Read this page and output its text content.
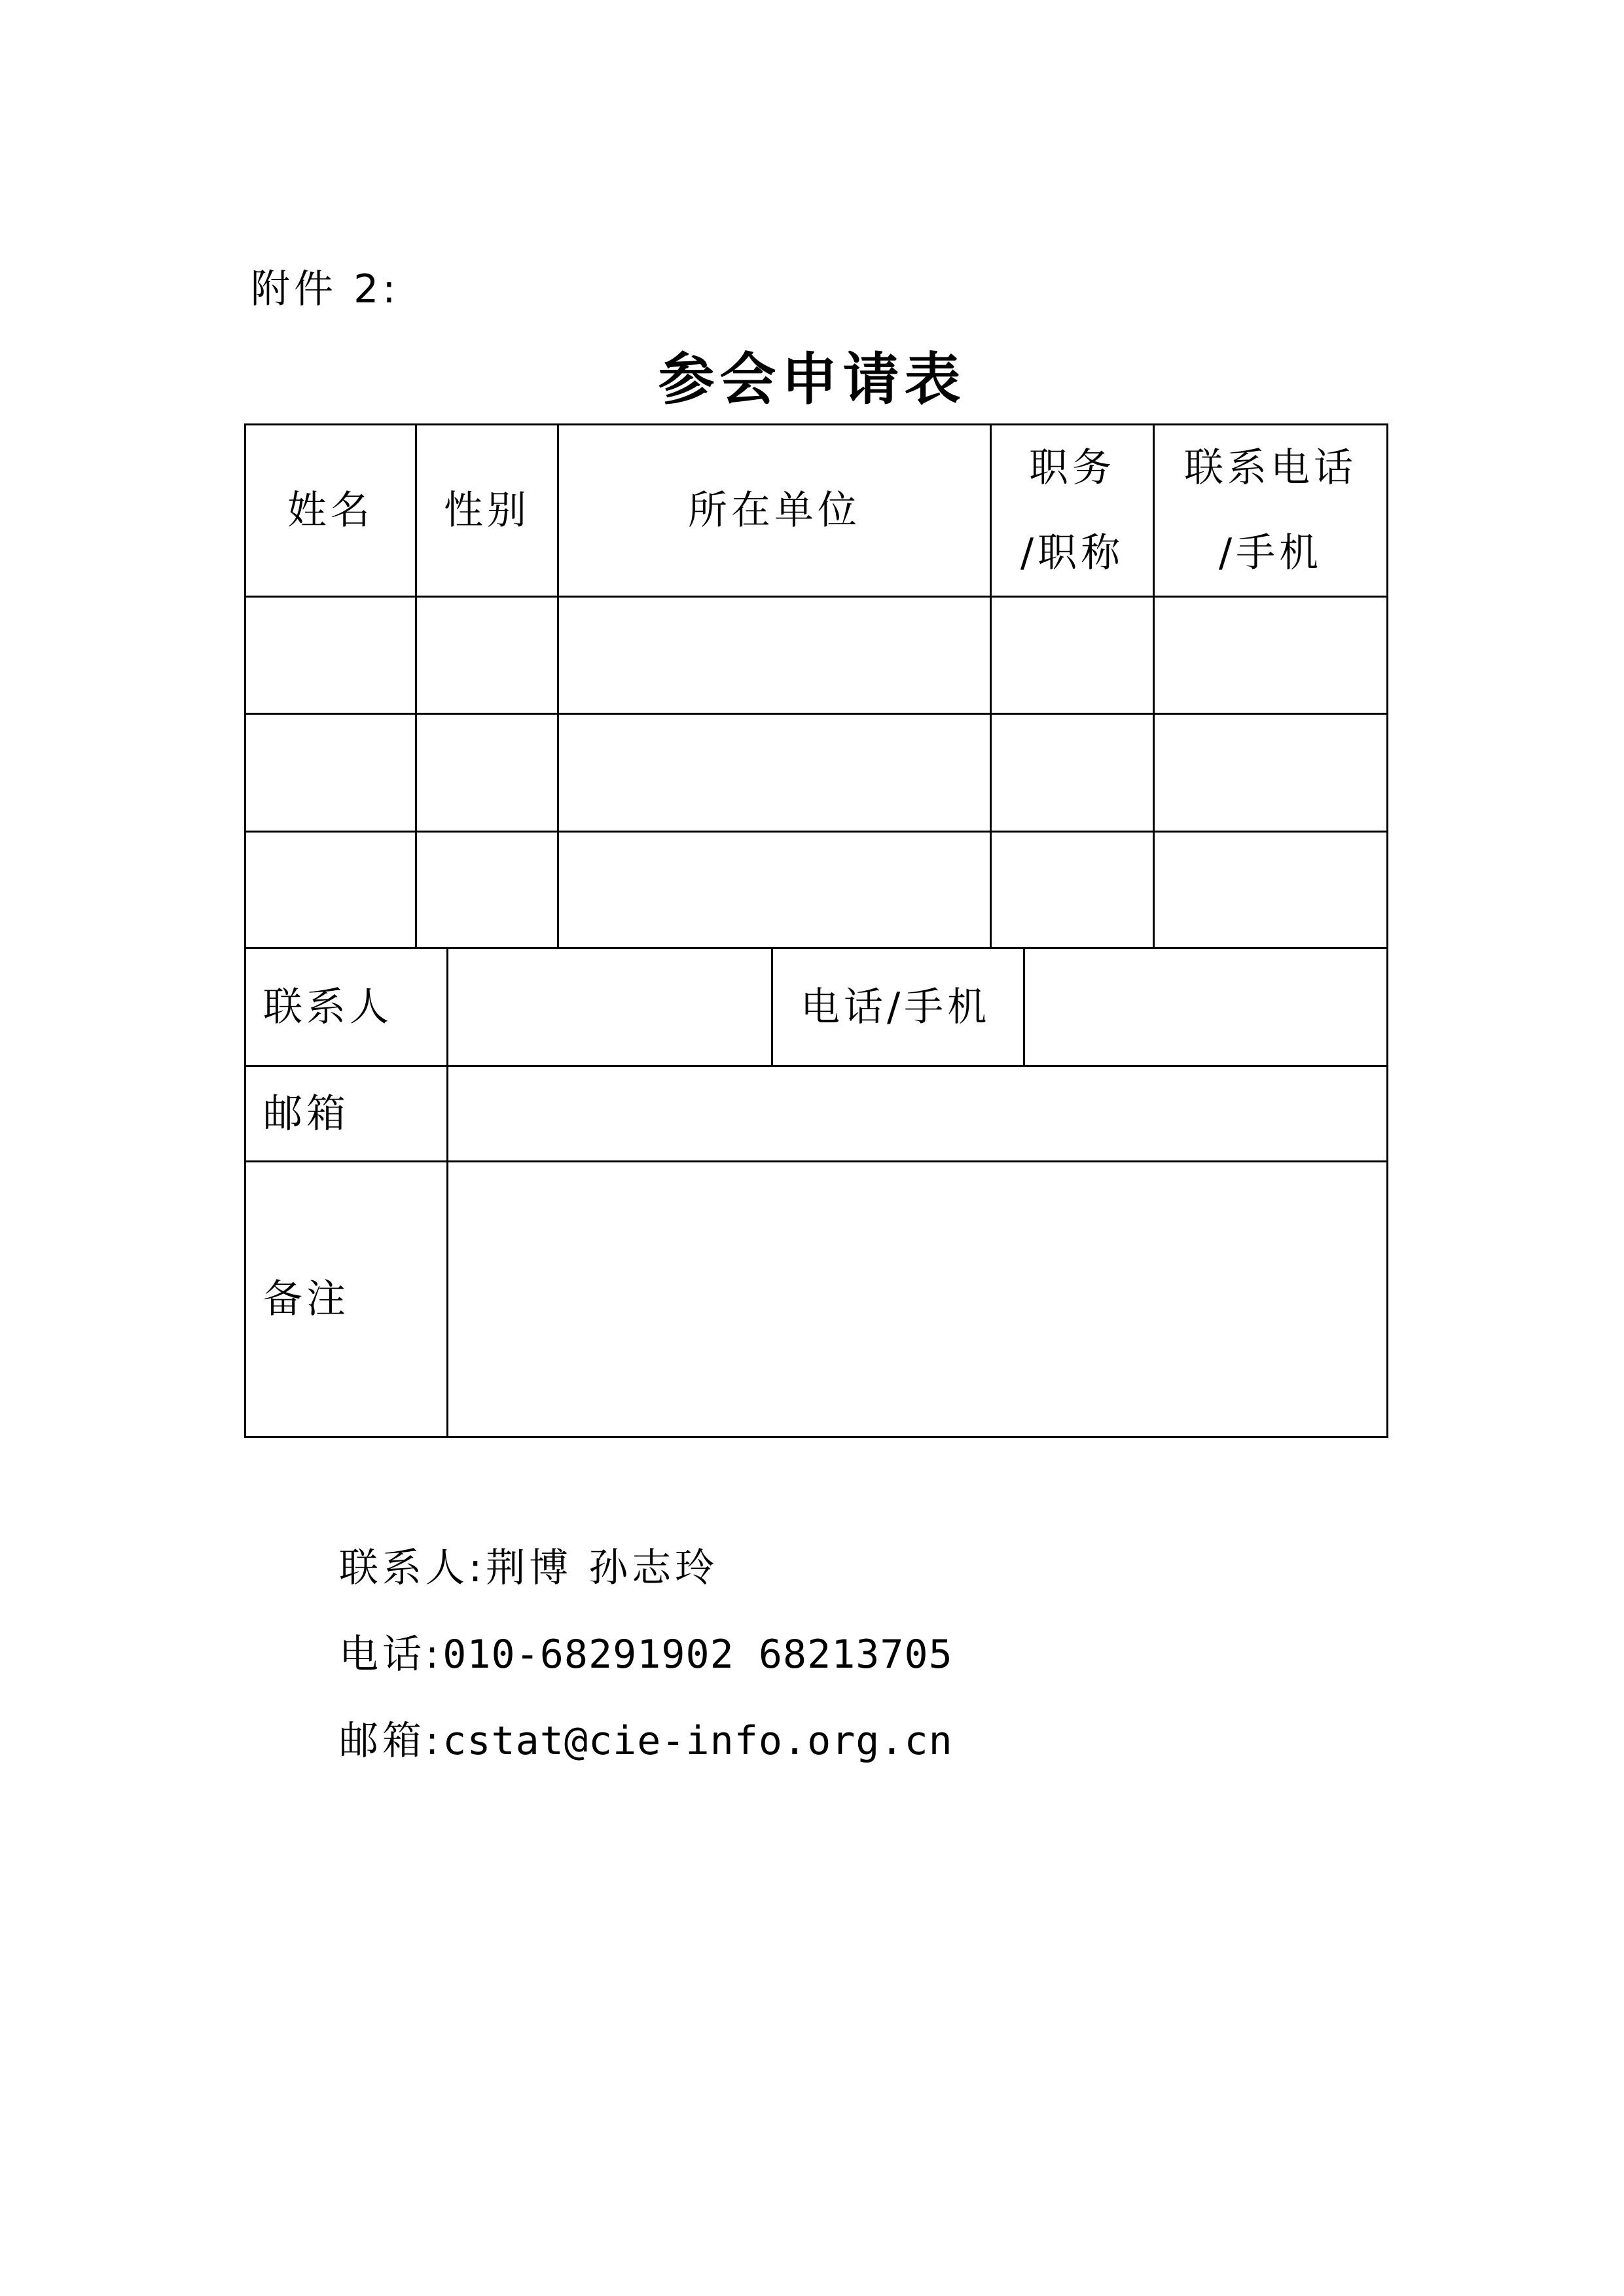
附件 2:
参会申请表
姓名 性别	所在单位
职务
/职称
联系电话
/手机
联系人	电话/手机
邮箱
备注
联系人:荆博 孙志玲
电话:010-68291902 68213705
邮箱:cstat@cie-info.org.cn
